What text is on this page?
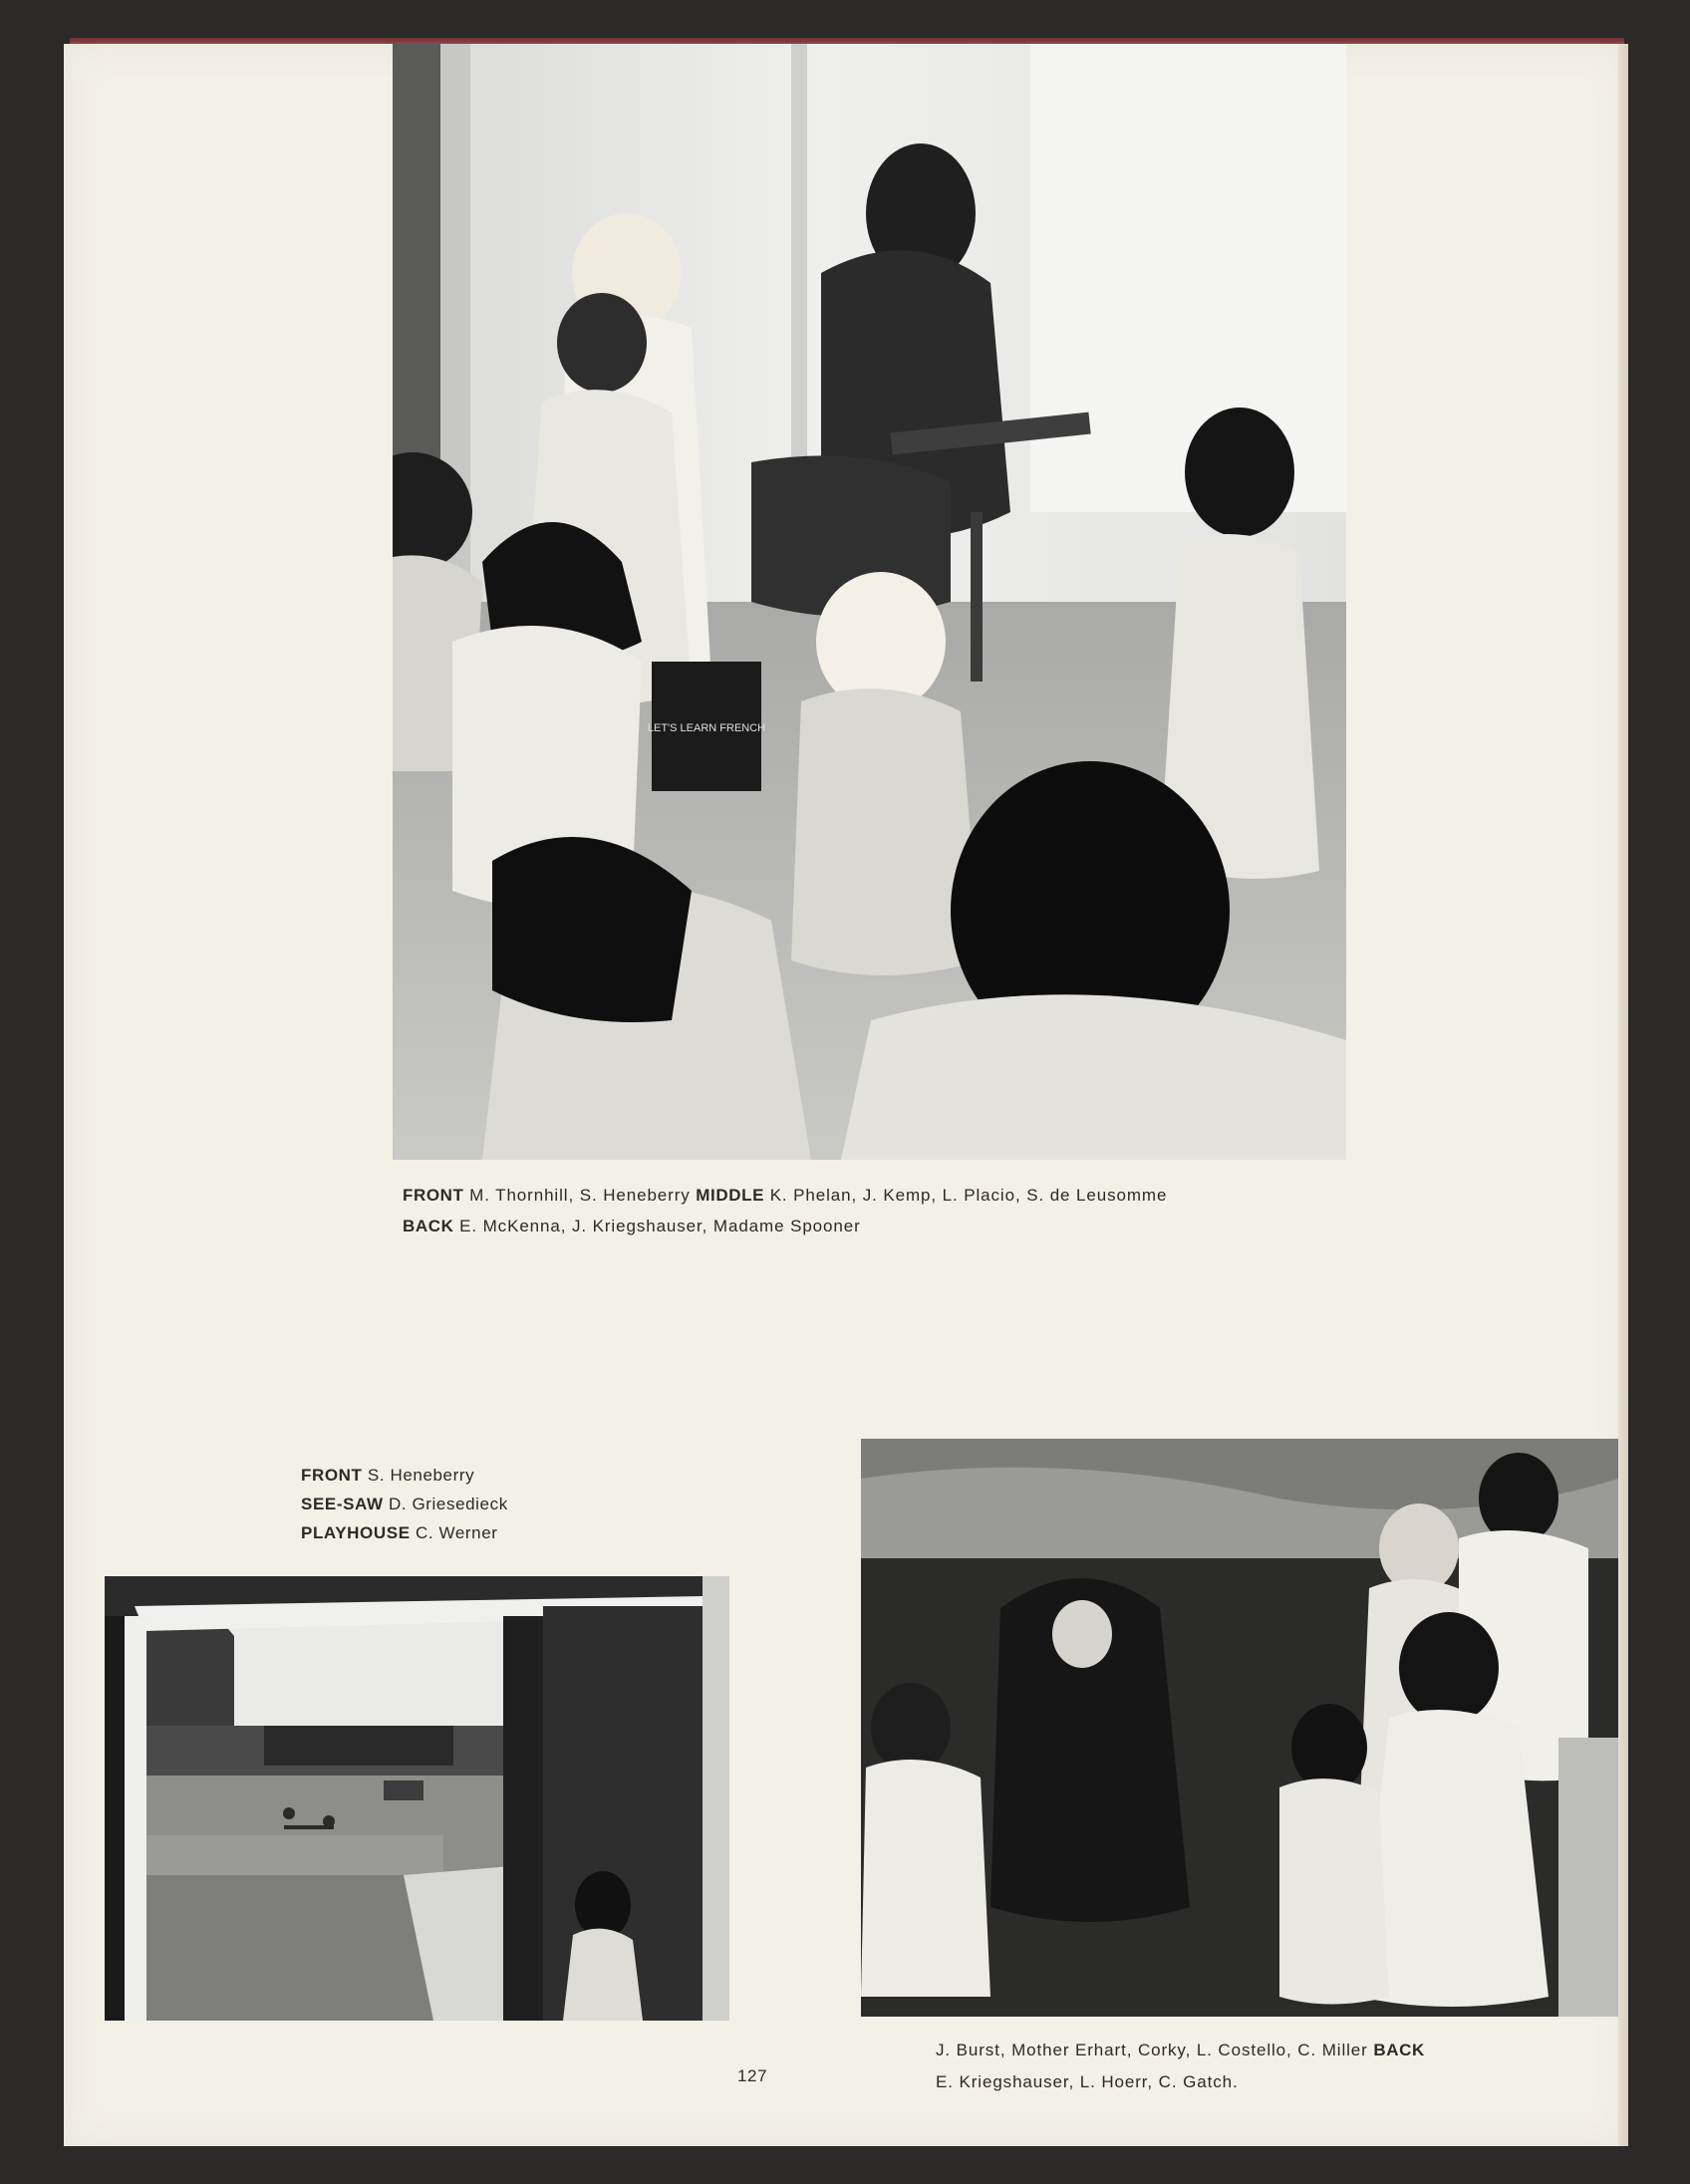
LET'S LEARN FRENCH
FRONT M. Thornhill, S. Heneberry MIDDLE K. Phelan, J. Kemp, L. Placio, S. de Leusomme
BACK E. McKenna, J. Kriegshauser, Madame Spooner
FRONT S. Heneberry
SEE-SAW D. Griesedieck
PLAYHOUSE C. Werner
J. Burst, Mother Erhart, Corky, L. Costello, C. Miller BACK
E. Kriegshauser, L. Hoerr, C. Gatch.
127
